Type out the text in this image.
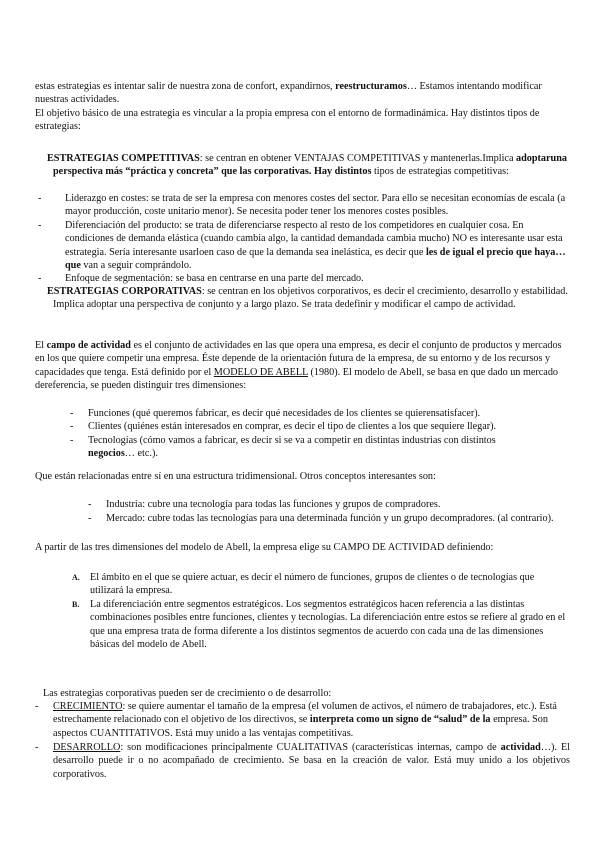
estas estrategias es intentar salir de nuestra zona de confort, expandirnos, reestructuramos… Estamos intentando modificar nuestras actividades.
El objetivo básico de una estrategia es vincular a la propia empresa con el entorno de formadinámica. Hay distintos tipos de estrategias:
ESTRATEGIAS COMPETITIVAS: se centran en obtener VENTAJAS COMPETITIVAS y mantenerlas.Implica adoptaruna perspectiva más “práctica y concreta” que las corporativas. Hay distintos tipos de estrategias competitivas:
- Liderazgo en costes: se trata de ser la empresa con menores costes del sector. Para ello se necesitan economías de escala (a mayor producción, coste unitario menor). Se necesita poder tener los menores costes posibles.
- Diferenciación del producto: se trata de diferenciarse respecto al resto de los competidores en cualquier cosa. En condiciones de demanda elástica (cuando cambia algo, la cantidad demandada cambia mucho) NO es interesante usar esta estrategia. Sería interesante usarloen caso de que la demanda sea inelástica, es decir que les de igual el precio que haya… que van a seguir comprándolo.
- Enfoque de segmentación: se basa en centrarse en una parte del mercado.
ESTRATEGIAS CORPORATIVAS: se centran en los objetivos corporativos, es decir el crecimiento, desarrollo y estabilidad. Implica adoptar una perspectiva de conjunto y a largo plazo. Se trata dedefinir y modificar el campo de actividad.
El campo de actividad es el conjunto de actividades en las que opera una empresa, es decir el conjunto de productos y mercados en los que quiere competir una empresa. Éste depende de la orientación futura de la empresa, de su entorno y de los recursos y capacidades que tenga. Está definido por el MODELO DE ABELL (1980). El modelo de Abell, se basa en que dado un mercado dereferencia, se pueden distinguir tres dimensiones:
- Funciones (qué queremos fabricar, es decir qué necesidades de los clientes se quierensatisfacer).
- Clientes (quiénes están interesados en comprar, es decir el tipo de clientes a los que sequiere llegar).
- Tecnologías (cómo vamos a fabricar, es decir si se va a competir en distintas industrias con distintos negocios… etc.).
Que están relacionadas entre sí en una estructura tridimensional. Otros conceptos interesantes son:
- Industria: cubre una tecnología para todas las funciones y grupos de compradores.
- Mercado: cubre todas las tecnologías para una determinada función y un grupo decompradores. (al contrario).
A partir de las tres dimensiones del modelo de Abell, la empresa elige su CAMPO DE ACTIVIDAD definiendo:
A. El ámbito en el que se quiere actuar, es decir el número de funciones, grupos de clientes o de tecnologías que utilizará la empresa.
B. La diferenciación entre segmentos estratégicos. Los segmentos estratégicos hacen referencia a las distintas combinaciones posibles entre funciones, clientes y tecnologías. La diferenciación entre estos se refiere al grado en el que una empresa trata de forma diferente a los distintos segmentos de acuerdo con cada una de las dimensiones básicas del modelo de Abell.
Las estrategias corporativas pueden ser de crecimiento o de desarrollo:
- CRECIMIENTO: se quiere aumentar el tamaño de la empresa (el volumen de activos, el número de trabajadores, etc.). Está estrechamente relacionado con el objetivo de los directivos, se interpreta como un signo de “salud” de la empresa. Son aspectos CUANTITATIVOS. Está muy unido a las ventajas competitivas.
- DESARROLLO: son modificaciones principalmente CUALITATIVAS (características internas, campo de actividad…). El desarrollo puede ir o no acompañado de crecimiento. Se basa en la creación de valor. Está muy unido a los objetivos corporativos.
